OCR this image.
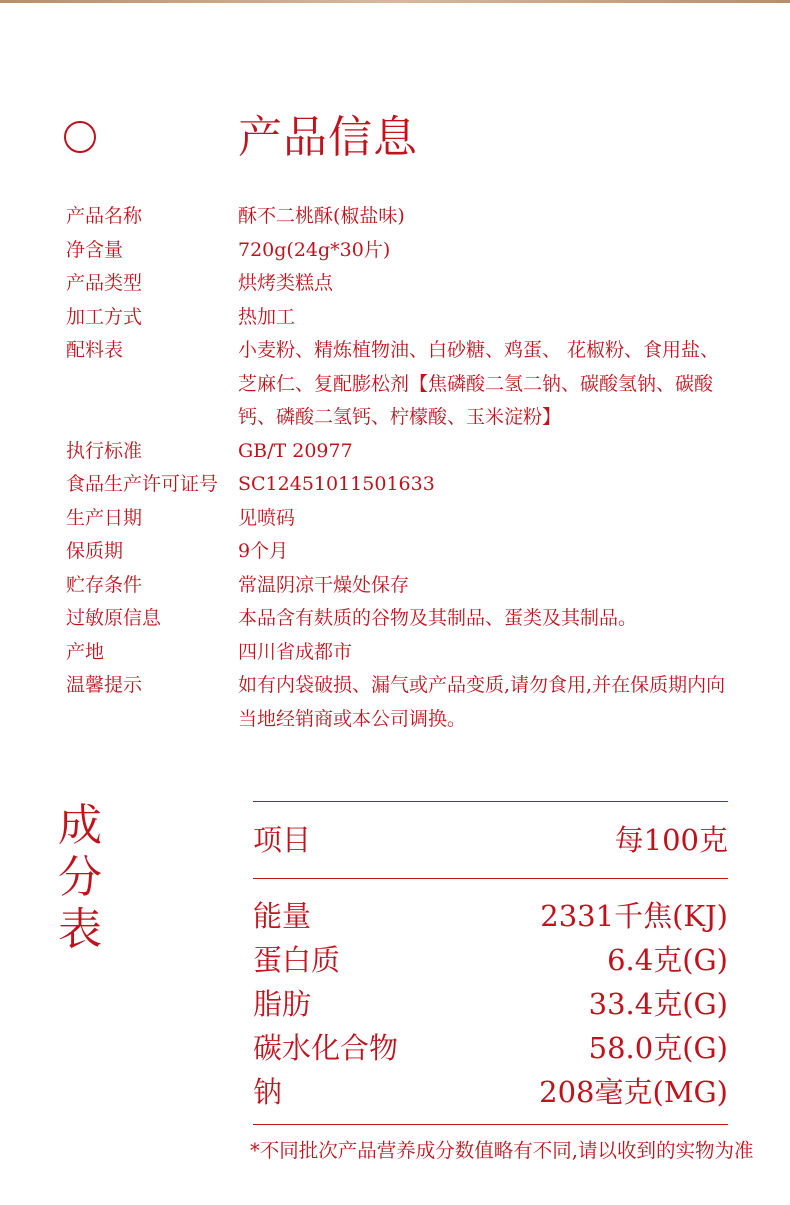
产品信息
产品名称	酥不二桃酥(椒盐味)
净含量	720g(24g*30片)
产品类型	烘烤类糕点
加工方式	热加工
配料表	小麦粉、精炼植物油、白砂糖、鸡蛋、 花椒粉、食用盐、芝麻仁、复配膨松剂【焦磷酸二氢二钠、碳酸氢钠、碳酸钙、磷酸二氢钙、柠檬酸、玉米淀粉】
执行标准	GB/T 20977
食品生产许可证号	SC12451011501633
生产日期	见喷码
保质期	9个月
贮存条件	常温阴凉干燥处保存
过敏原信息	本品含有麸质的谷物及其制品、蛋类及其制品。
产地	四川省成都市
温馨提示	如有内袋破损、漏气或产品变质,请勿食用,并在保质期内向当地经销商或本公司调换。
成
分
表
项目	每100克
能量	2331千焦(KJ)
蛋白质	6.4克(G)
脂肪	33.4克(G)
碳水化合物	58.0克(G)
钠	208毫克(MG)
*不同批次产品营养成分数值略有不同,请以收到的实物为准
